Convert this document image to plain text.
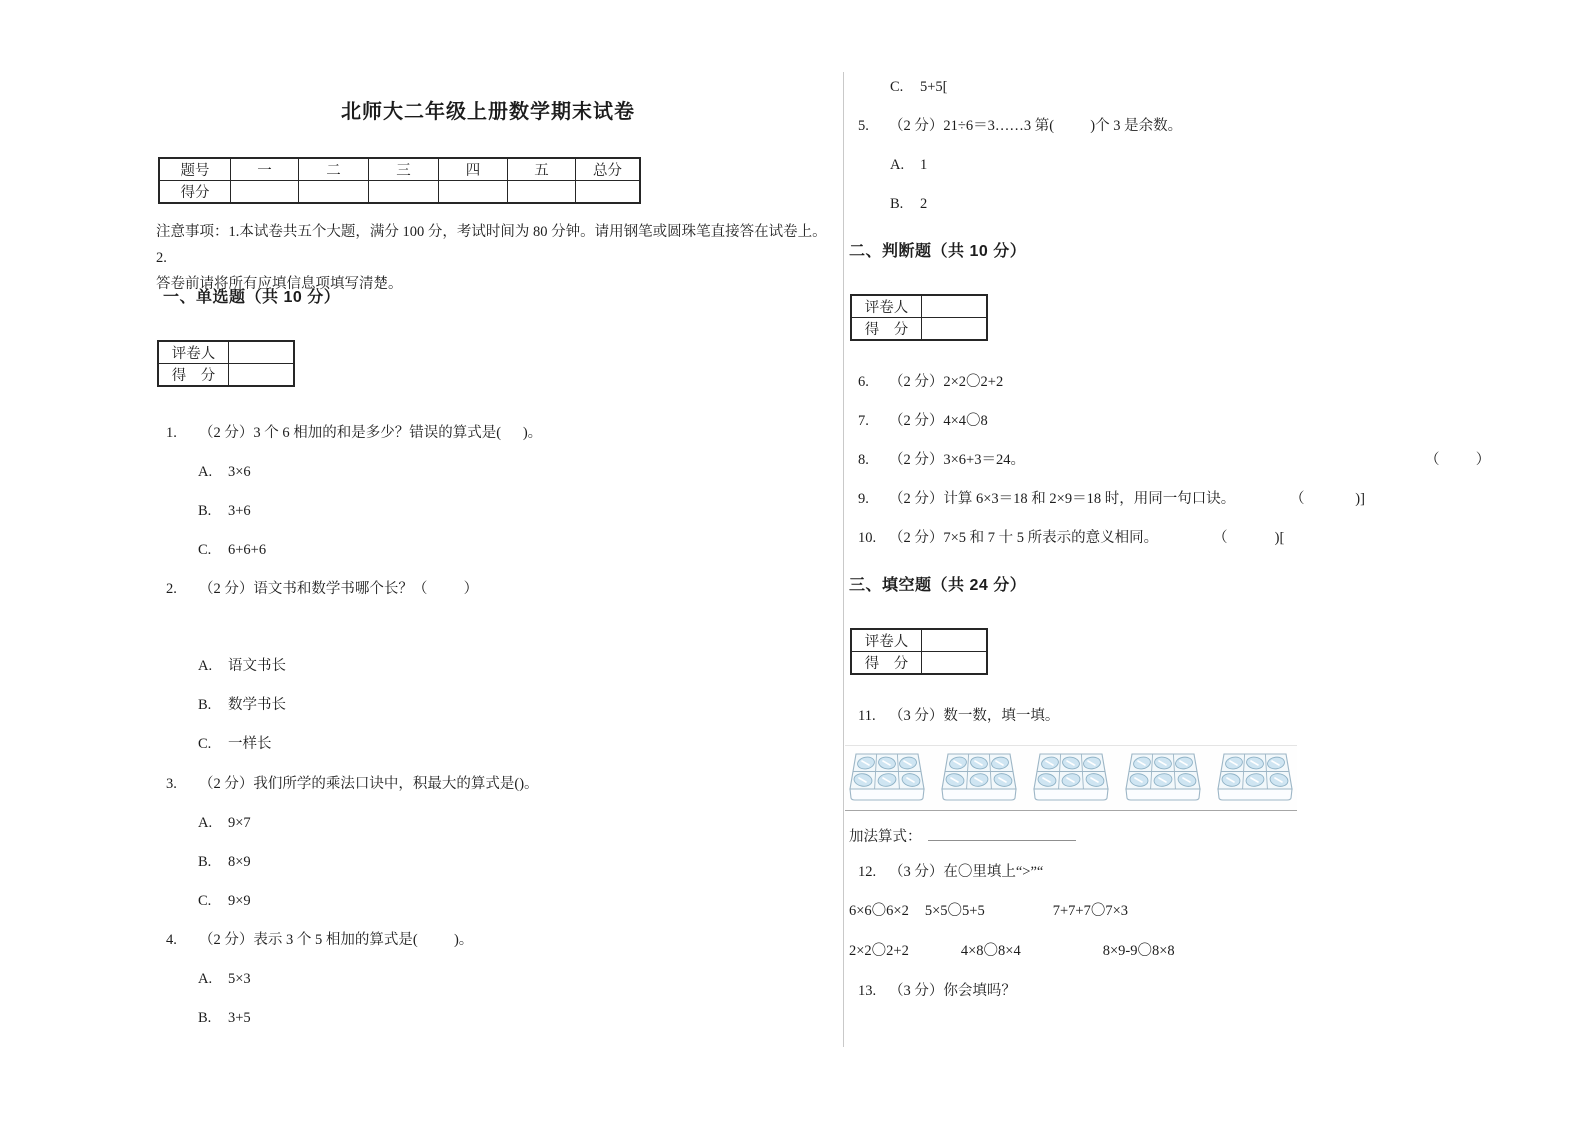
北师大二年级上册数学期末试卷
题号	一	二	三	四	五	总分
得分						
注意事项：1.本试卷共五个大题，满分 100 分，考试时间为 80 分钟。请用钢笔或圆珠笔直接答在试卷上。2.
答卷前请将所有应填信息项填写清楚。
一、单选题（共 10 分）
评卷人	
得　分	
1. （2 分）3 个 6 相加的和是多少？错误的算式是(      )。
A. 3×6
B. 3+6
C. 6+6+6
2. （2 分）语文书和数学书哪个长？（          ）
A. 语文书长
B. 数学书长
C. 一样长
3. （2 分）我们所学的乘法口诀中，积最大的算式是()。
A. 9×7
B. 8×9
C. 9×9
4. （2 分）表示 3 个 5 相加的算式是(          )。
A. 5×3
B. 3+5
C. 5+5[
5. （2 分）21÷6＝3……3 第(          )个 3 是余数。
A. 1
B. 2
二、判断题（共 10 分）
评卷人	
得　分	
6. （2 分）2×2〇2+2
7. （2 分）4×4〇8
8. （2 分）3×6+3＝24。	（          ）
9. （2 分）计算 6×3＝18 和 2×9＝18 时，用同一句口诀。	（              )]
10. （2 分）7×5 和 7 十 5 所表示的意义相同。	（             )[
三、填空题（共 24 分）
评卷人	
得　分	
11. （3 分）数一数，填一填。
加法算式：
12. （3 分）在〇里填上“>”“
6×6〇6×2 5×5〇5+5	7+7+7〇7×3
2×2〇2+2	4×8〇8×4	8×9-9〇8×8
13. （3 分）你会填吗？
